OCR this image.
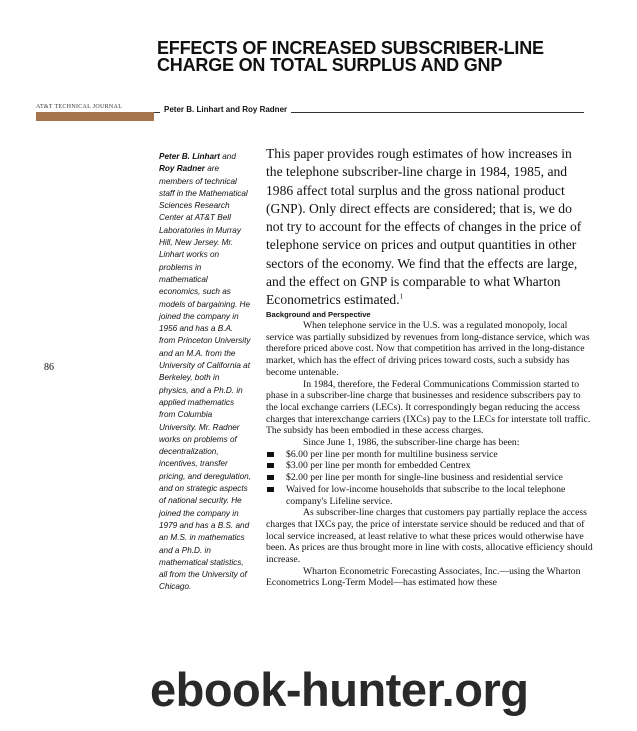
EFFECTS OF INCREASED SUBSCRIBER-LINE
CHARGE ON TOTAL SURPLUS AND GNP
AT&T TECHNICAL JOURNAL	Peter B. Linhart and Roy Radner
Peter B. Linhart and Roy Radner are members of technical staff in the Mathematical Sciences Research Center at AT&T Bell Laboratories in Murray Hill, New Jersey. Mr. Linhart works on problems in mathematical economics, such as models of bargaining. He joined the company in 1956 and has a B.A. from Princeton University and an M.A. from the University of California at Berkeley, both in physics, and a Ph.D. in applied mathematics from Columbia University. Mr. Radner works on problems of decentralization, incentives, transfer pricing, and deregulation, and on strategic aspects of national security. He joined the company in 1979 and has a B.S. and an M.S. in mathematics and a Ph.D. in mathematical statistics, all from the University of Chicago.
86

This paper provides rough estimates of how increases in the telephone subscriber-line charge in 1984, 1985, and 1986 affect total surplus and the gross national product (GNP). Only direct effects are considered; that is, we do not try to account for the effects of changes in the price of telephone service on prices and output quantities in other sectors of the economy. We find that the effects are large, and the effect on GNP is comparable to what Wharton Econometrics estimated.$^1$

Background and Perspective

When telephone service in the U.S. was a regulated monopoly, local service was partially subsidized by revenues from long-distance service, which was therefore priced above cost. Now that competition has arrived in the long-distance market, which has the effect of driving prices toward costs, such a subsidy has become untenable.

In 1984, therefore, the Federal Communications Commission started to phase in a subscriber-line charge that businesses and residence subscribers pay to the local exchange carriers (LECs). It correspondingly began reducing the access charges that interexchange carriers (IXCs) pay to the LECs for interstate toll traffic. The subsidy has been embodied in these access charges.

Since June 1, 1986, the subscriber-line charge has been:

$6.00 per line per month for multiline business service
$3.00 per line per month for embedded Centrex
$2.00 per line per month for single-line business and residential service
Waived for low-income households that subscribe to the local telephone company's Lifeline service.

As subscriber-line charges that customers pay partially replace the access charges that IXCs pay, the price of interstate service should be reduced and that of local service increased, at least relative to what these prices would otherwise have been. As prices are thus brought more in line with costs, allocative efficiency should increase.

Wharton Econometric Forecasting Associates, Inc.—using the Wharton Econometrics Long-Term Model—has estimated how these

ebook-hunter.org
